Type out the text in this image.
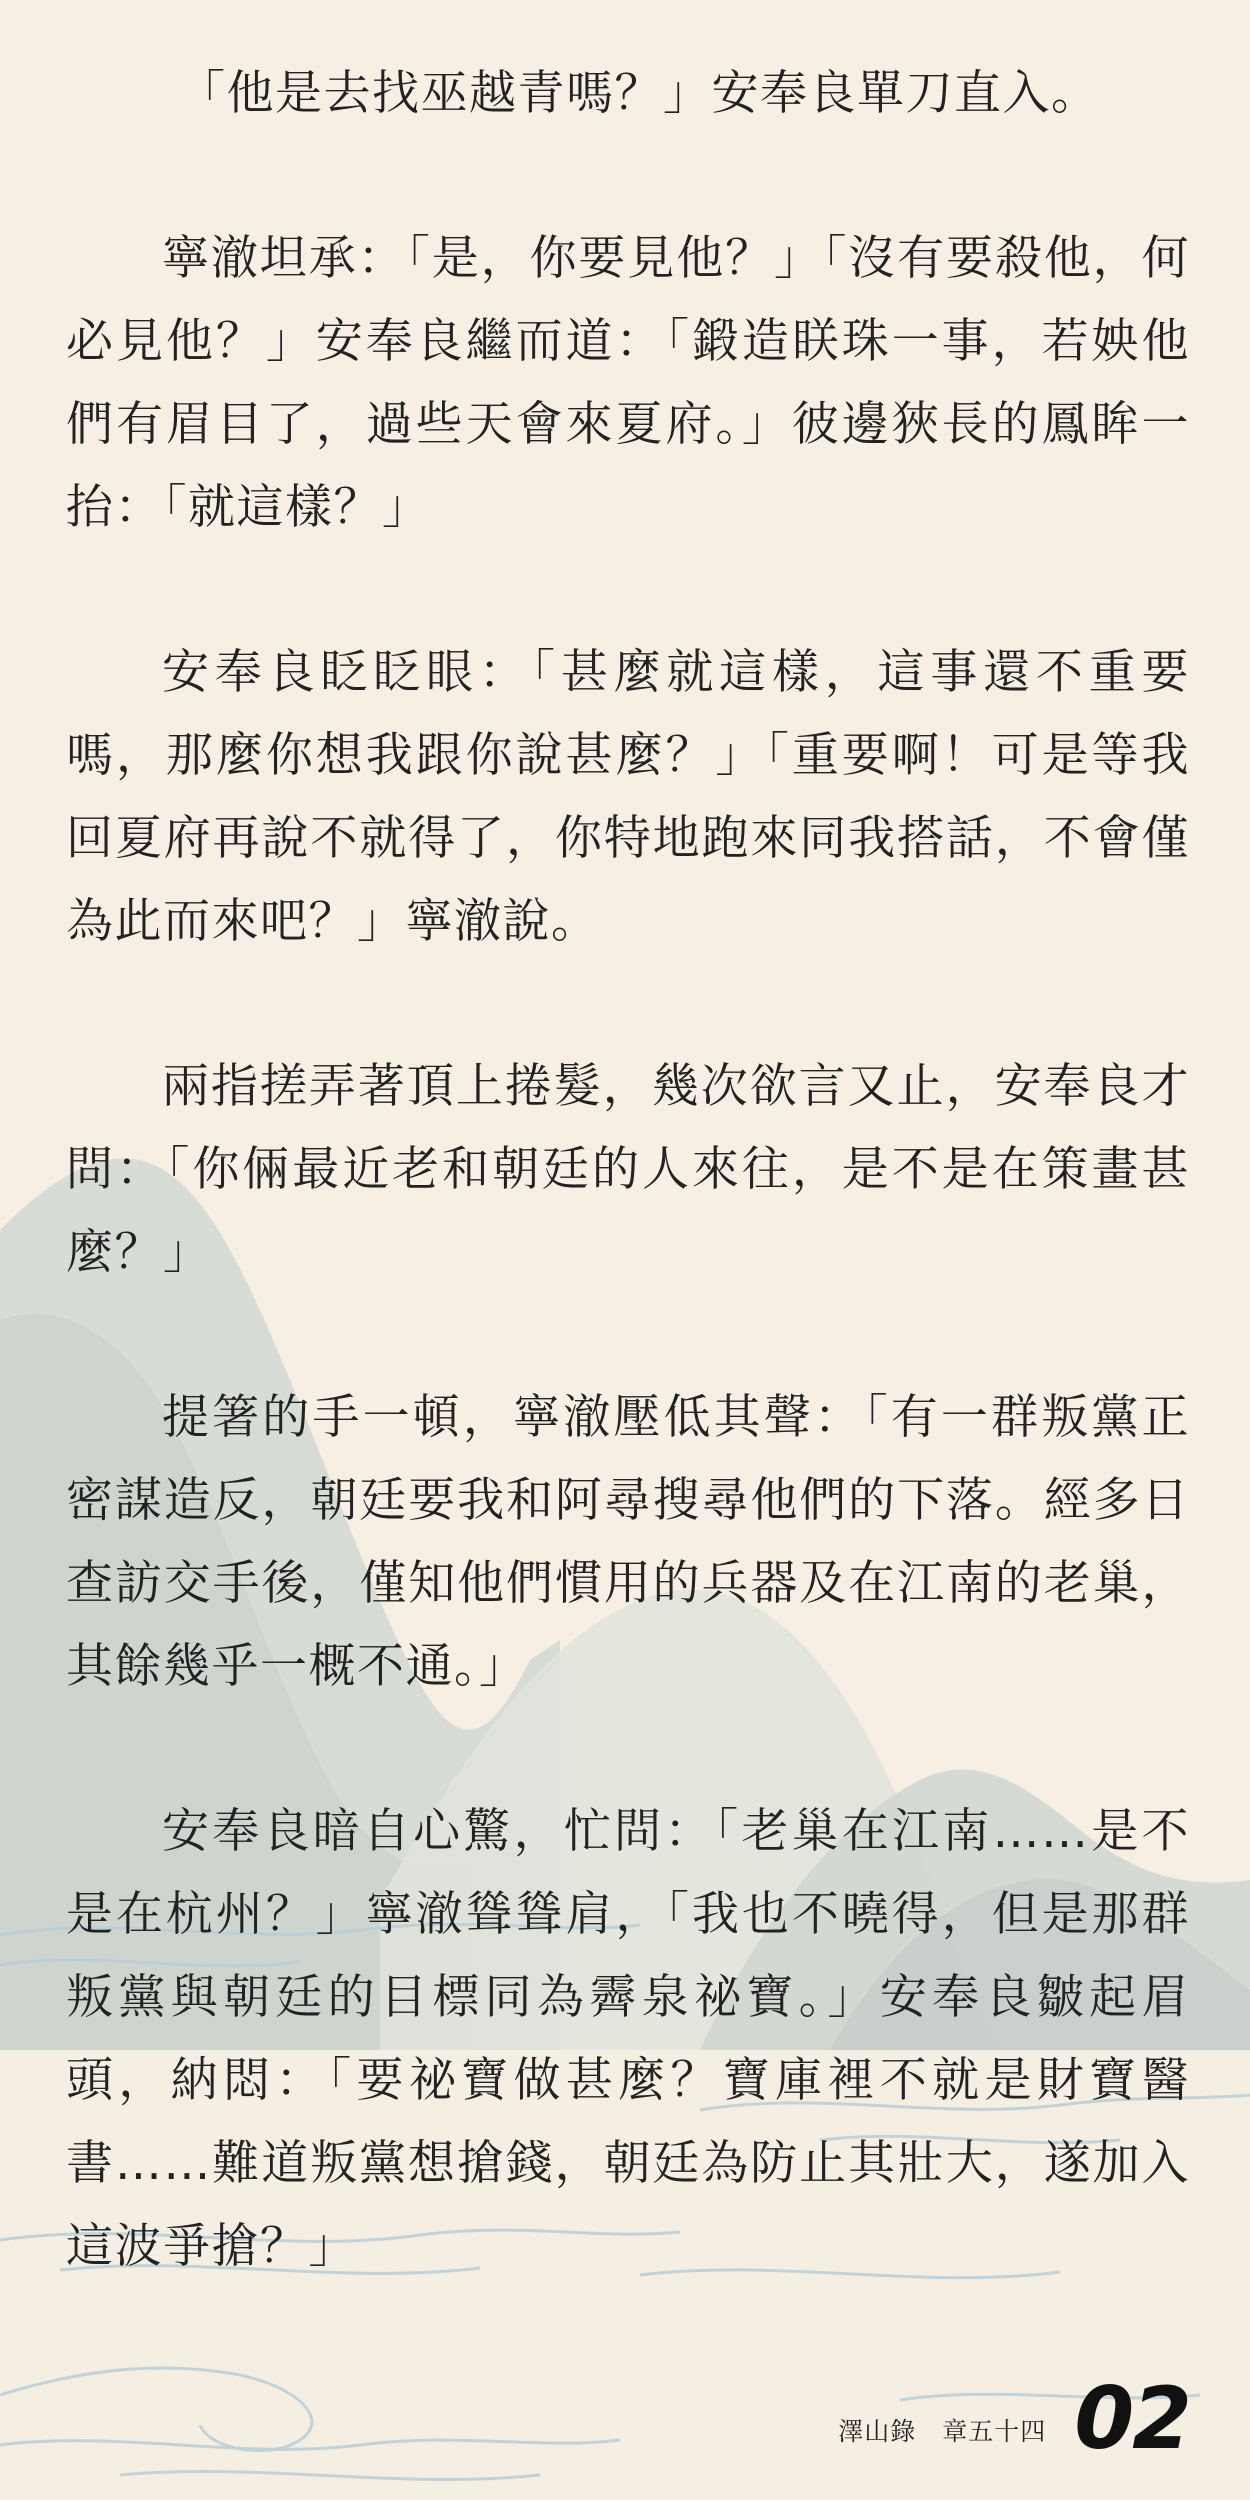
「他是去找巫越青嗎？」安奉良單刀直入。

寧澈坦承：「是，你要見他？」「沒有要殺他，何必見他？」安奉良繼而道：「鍛造眹珠一事，若姎他們有眉目了，過些天會來夏府。」彼邊狹長的鳳眸一抬：「就這樣？」

安奉良眨眨眼：「甚麼就這樣，這事還不重要嗎，那麼你想我跟你說甚麼？」「重要啊！可是等我回夏府再說不就得了，你特地跑來同我搭話，不會僅為此而來吧？」寧澈說。

兩指搓弄著頂上捲髮，幾次欲言又止，安奉良才問：「你倆最近老和朝廷的人來往，是不是在策畫甚麼？」

提箸的手一頓，寧澈壓低其聲：「有一群叛黨正密謀造反，朝廷要我和阿尋搜尋他們的下落。經多日查訪交手後，僅知他們慣用的兵器及在江南的老巢，其餘幾乎一概不通。」

安奉良暗自心驚，忙問：「老巢在江南……是不是在杭州？」寧澈聳聳肩，「我也不曉得，但是那群叛黨與朝廷的目標同為霽泉祕寶。」安奉良皺起眉頭，納悶：「要祕寶做甚麼？寶庫裡不就是財寶醫書……難道叛黨想搶錢，朝廷為防止其壯大，遂加入這波爭搶？」

澤山錄　章五十四 02
